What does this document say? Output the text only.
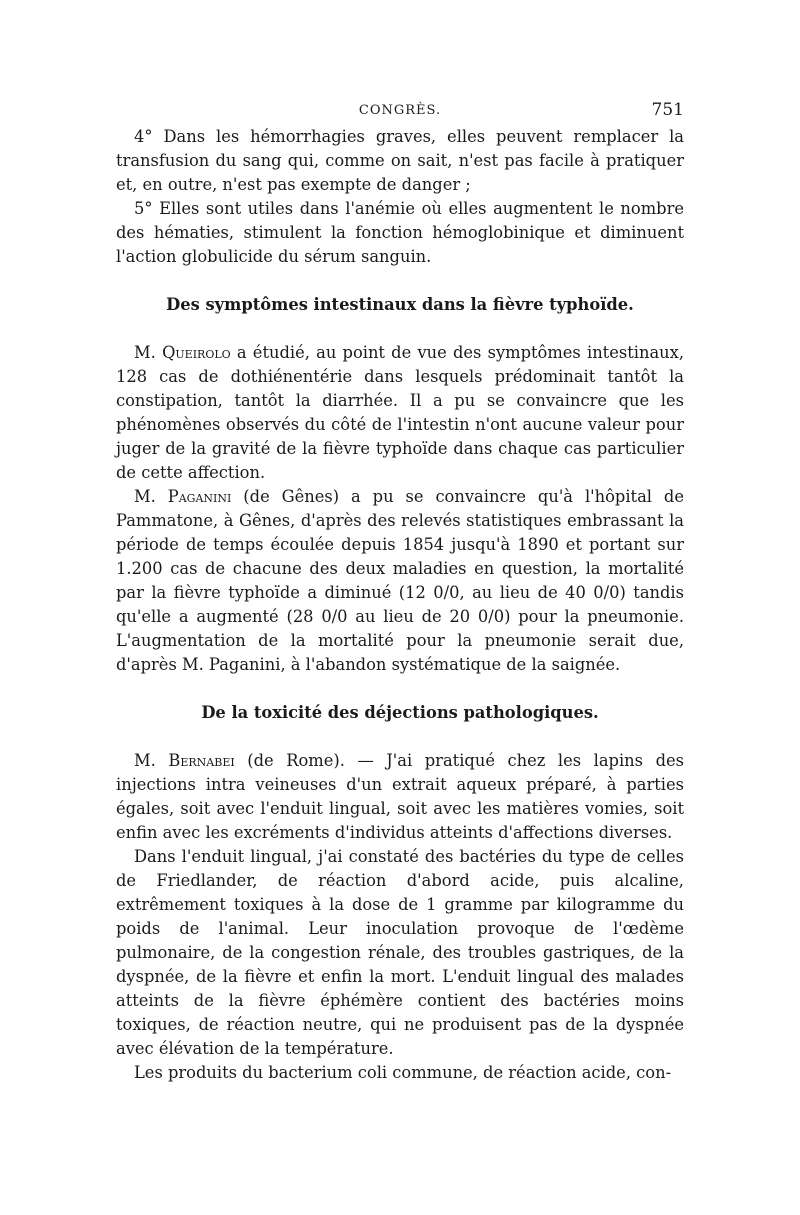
CONGRÈS.	751

4° Dans les hémorrhagies graves, elles peuvent remplacer la transfusion du sang qui, comme on sait, n'est pas facile à pratiquer et, en outre, n'est pas exempte de danger ;

5° Elles sont utiles dans l'anémie où elles augmentent le nombre des hématies, stimulent la fonction hémoglobinique et diminuent l'action globulicide du sérum sanguin.

Des symptômes intestinaux dans la fièvre typhoïde.

M. Queirolo a étudié, au point de vue des symptômes intestinaux, 128 cas de dothiénentérie dans lesquels prédominait tantôt la constipation, tantôt la diarrhée. Il a pu se convaincre que les phénomènes observés du côté de l'intestin n'ont aucune valeur pour juger de la gravité de la fièvre typhoïde dans chaque cas particulier de cette affection.

M. Paganini (de Gênes) a pu se convaincre qu'à l'hôpital de Pammatone, à Gênes, d'après des relevés statistiques embrassant la période de temps écoulée depuis 1854 jusqu'à 1890 et portant sur 1.200 cas de chacune des deux maladies en question, la mortalité par la fièvre typhoïde a diminué (12 0/0, au lieu de 40 0/0) tandis qu'elle a augmenté (28 0/0 au lieu de 20 0/0) pour la pneumonie. L'augmentation de la mortalité pour la pneumonie serait due, d'après M. Paganini, à l'abandon systématique de la saignée.

De la toxicité des déjections pathologiques.

M. Bernabei (de Rome). — J'ai pratiqué chez les lapins des injections intra veineuses d'un extrait aqueux préparé, à parties égales, soit avec l'enduit lingual, soit avec les matières vomies, soit enfin avec les excréments d'individus atteints d'affections diverses.

Dans l'enduit lingual, j'ai constaté des bactéries du type de celles de Friedlander, de réaction d'abord acide, puis alcaline, extrêmement toxiques à la dose de 1 gramme par kilogramme du poids de l'animal. Leur inoculation provoque de l'œdème pulmonaire, de la congestion rénale, des troubles gastriques, de la dyspnée, de la fièvre et enfin la mort. L'enduit lingual des malades atteints de la fièvre éphémère contient des bactéries moins toxiques, de réaction neutre, qui ne produisent pas de la dyspnée avec élévation de la température.

Les produits du bacterium coli commune, de réaction acide, con-
